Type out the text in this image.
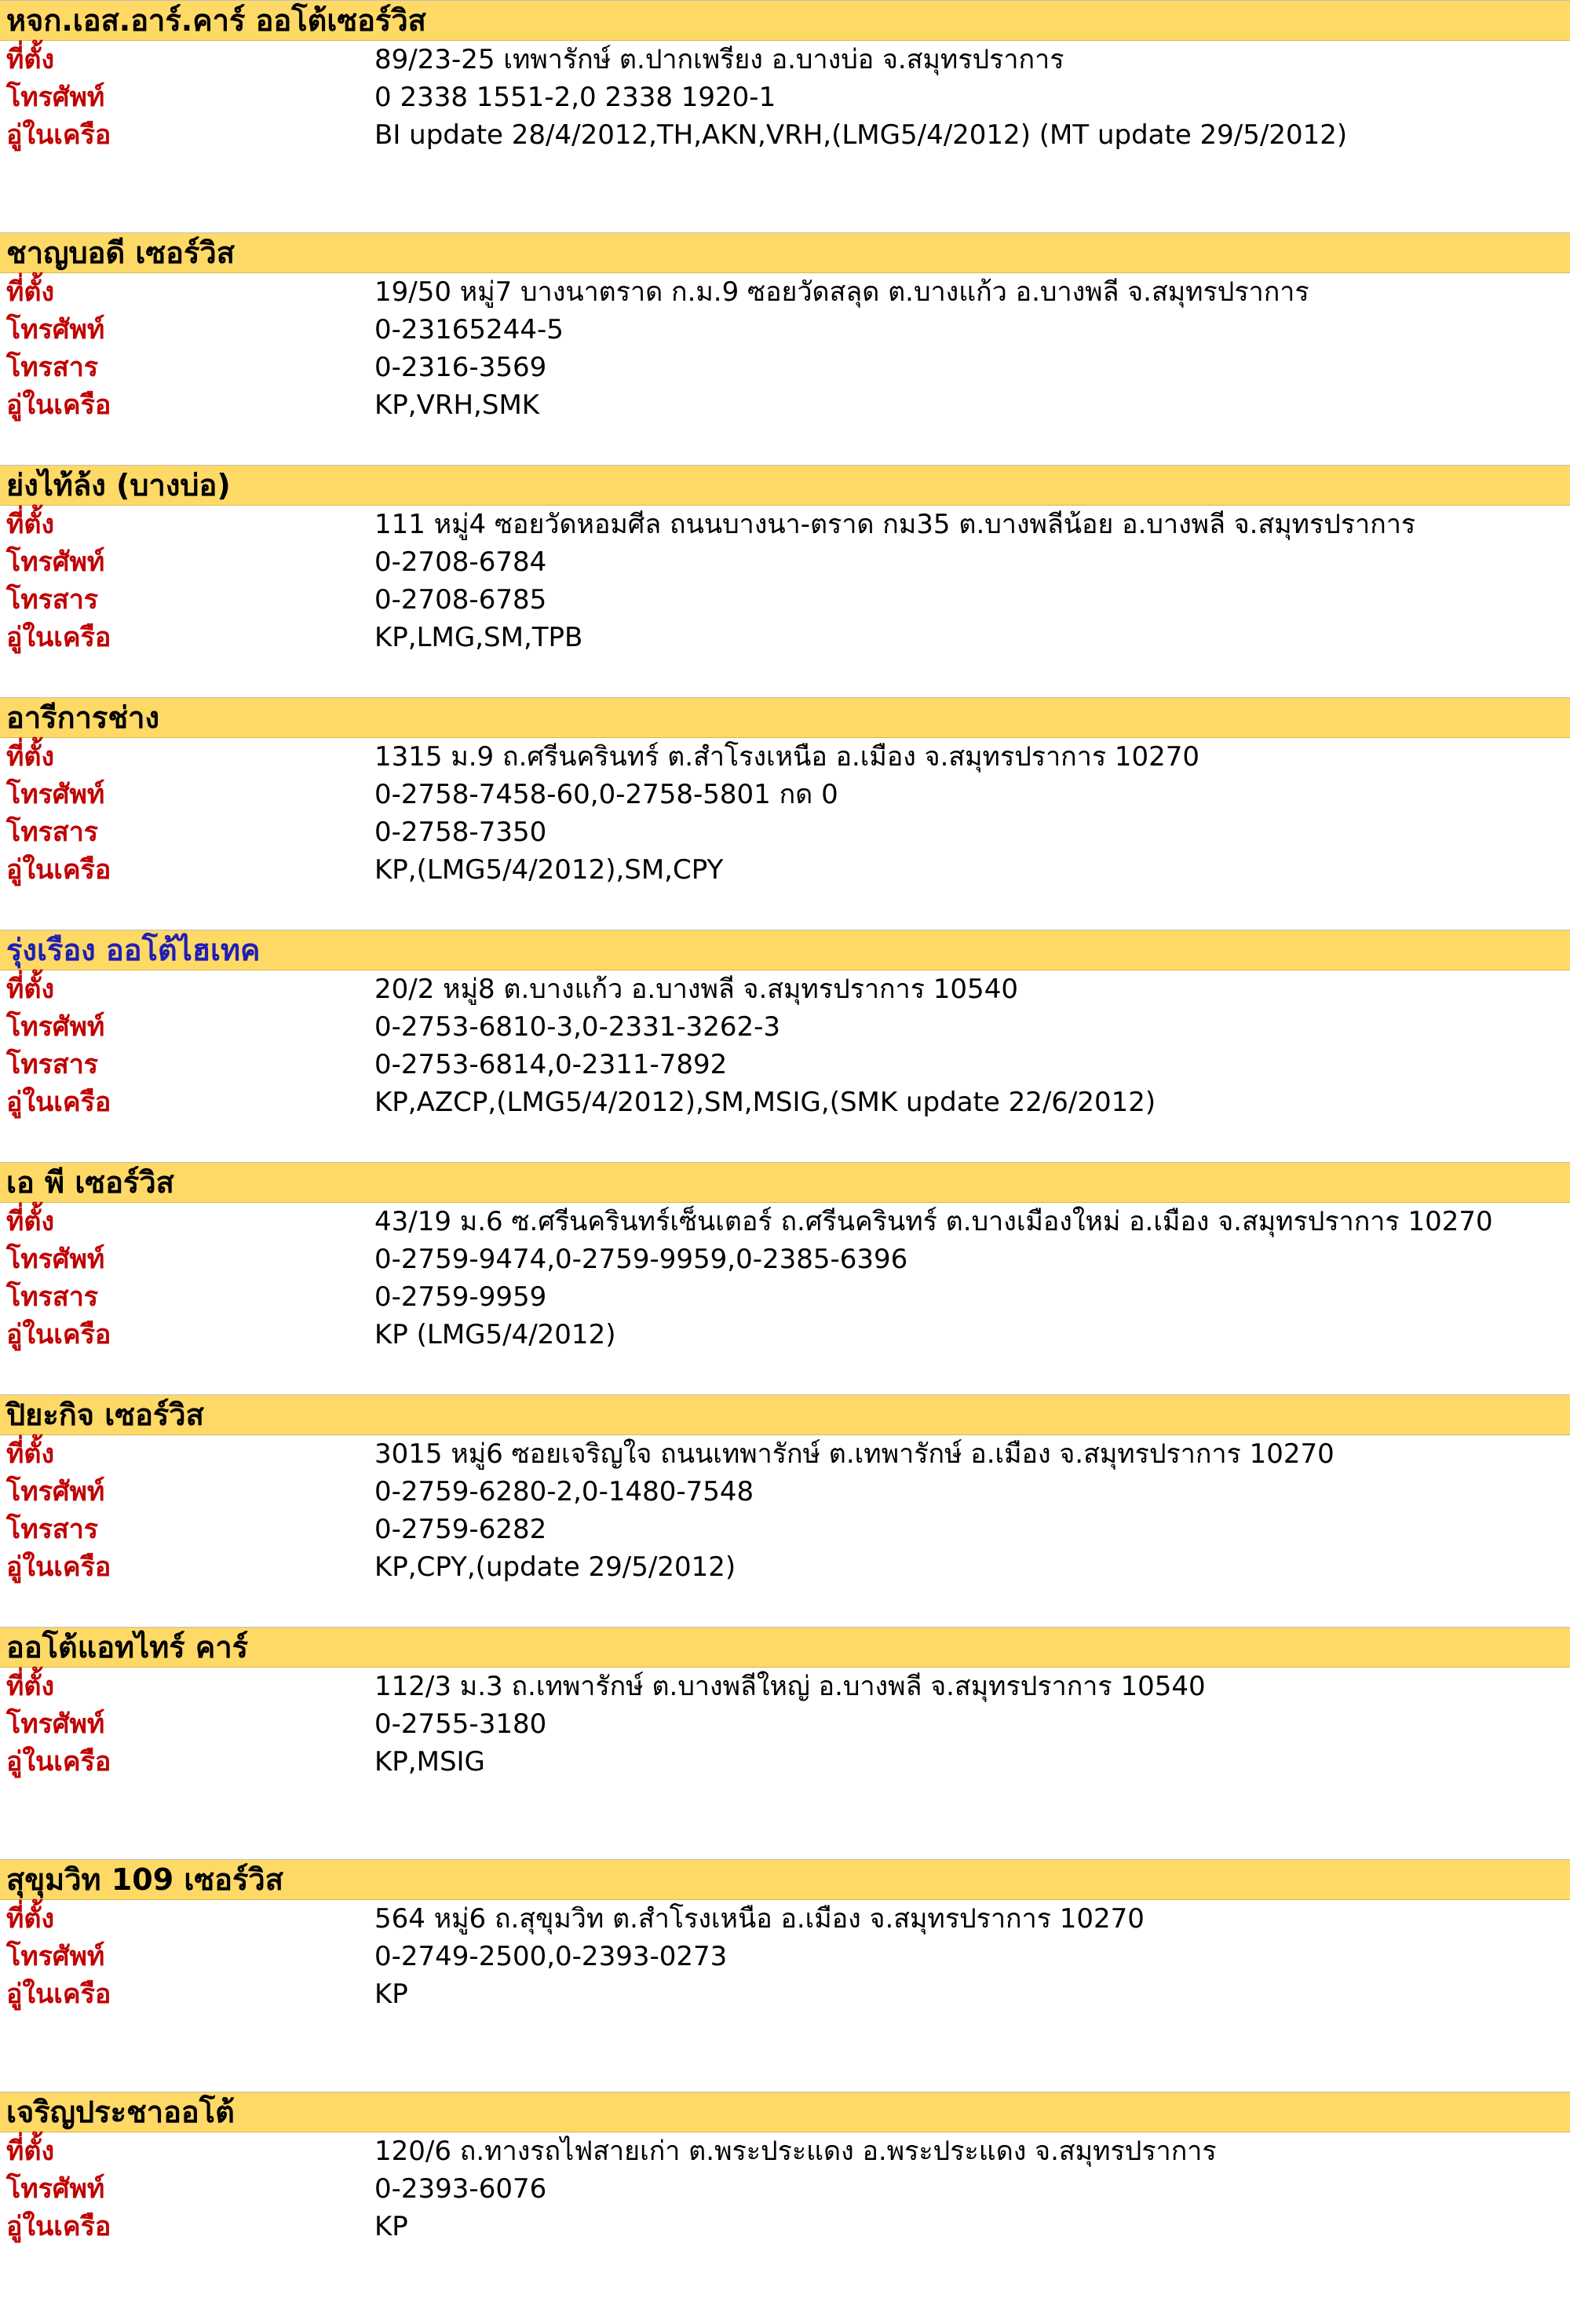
หจก.เอส.อาร์.คาร์ ออโต้เซอร์วิส
ที่ตั้ง	89/23-25 เทพารักษ์ ต.ปากเพรียง อ.บางบ่อ จ.สมุทรปราการ
โทรศัพท์	0 2338 1551-2,0 2338 1920-1
อู่ในเครือ	BI update 28/4/2012,TH,AKN,VRH,(LMG5/4/2012) (MT update 29/5/2012)
ชาญบอดี เซอร์วิส
ที่ตั้ง	19/50 หมู่7 บางนาตราด ก.ม.9 ซอยวัดสลุด ต.บางแก้ว อ.บางพลี จ.สมุทรปราการ
โทรศัพท์	0-23165244-5
โทรสาร	0-2316-3569
อู่ในเครือ	KP,VRH,SMK
ย่งไท้ล้ง (บางบ่อ)
ที่ตั้ง	111 หมู่4 ซอยวัดหอมศีล ถนนบางนา-ตราด กม35 ต.บางพลีน้อย อ.บางพลี จ.สมุทรปราการ
โทรศัพท์	0-2708-6784
โทรสาร	0-2708-6785
อู่ในเครือ	KP,LMG,SM,TPB
อารีการช่าง
ที่ตั้ง	1315 ม.9 ถ.ศรีนครินทร์ ต.สำโรงเหนือ อ.เมือง จ.สมุทรปราการ 10270
โทรศัพท์	0-2758-7458-60,0-2758-5801 กด 0
โทรสาร	0-2758-7350
อู่ในเครือ	KP,(LMG5/4/2012),SM,CPY
รุ่งเรือง ออโต้ไฮเทค
ที่ตั้ง	20/2 หมู่8 ต.บางแก้ว อ.บางพลี จ.สมุทรปราการ 10540
โทรศัพท์	0-2753-6810-3,0-2331-3262-3
โทรสาร	0-2753-6814,0-2311-7892
อู่ในเครือ	KP,AZCP,(LMG5/4/2012),SM,MSIG,(SMK update 22/6/2012)
เอ พี เซอร์วิส
ที่ตั้ง	43/19 ม.6 ซ.ศรีนครินทร์เซ็นเตอร์ ถ.ศรีนครินทร์ ต.บางเมืองใหม่ อ.เมือง จ.สมุทรปราการ 10270
โทรศัพท์	0-2759-9474,0-2759-9959,0-2385-6396
โทรสาร	0-2759-9959
อู่ในเครือ	KP (LMG5/4/2012)
ปิยะกิจ เซอร์วิส
ที่ตั้ง	3015 หมู่6 ซอยเจริญใจ ถนนเทพารักษ์ ต.เทพารักษ์ อ.เมือง จ.สมุทรปราการ 10270
โทรศัพท์	0-2759-6280-2,0-1480-7548
โทรสาร	0-2759-6282
อู่ในเครือ	KP,CPY,(update 29/5/2012)
ออโต้แอทไทร์ คาร์
ที่ตั้ง	112/3 ม.3 ถ.เทพารักษ์ ต.บางพลีใหญ่ อ.บางพลี จ.สมุทรปราการ 10540
โทรศัพท์	0-2755-3180
อู่ในเครือ	KP,MSIG
สุขุมวิท 109 เซอร์วิส
ที่ตั้ง	564 หมู่6 ถ.สุขุมวิท ต.สำโรงเหนือ อ.เมือง จ.สมุทรปราการ 10270
โทรศัพท์	0-2749-2500,0-2393-0273
อู่ในเครือ	KP
เจริญประชาออโต้
ที่ตั้ง	120/6 ถ.ทางรถไฟสายเก่า ต.พระประแดง อ.พระประแดง จ.สมุทรปราการ
โทรศัพท์	0-2393-6076
อู่ในเครือ	KP
